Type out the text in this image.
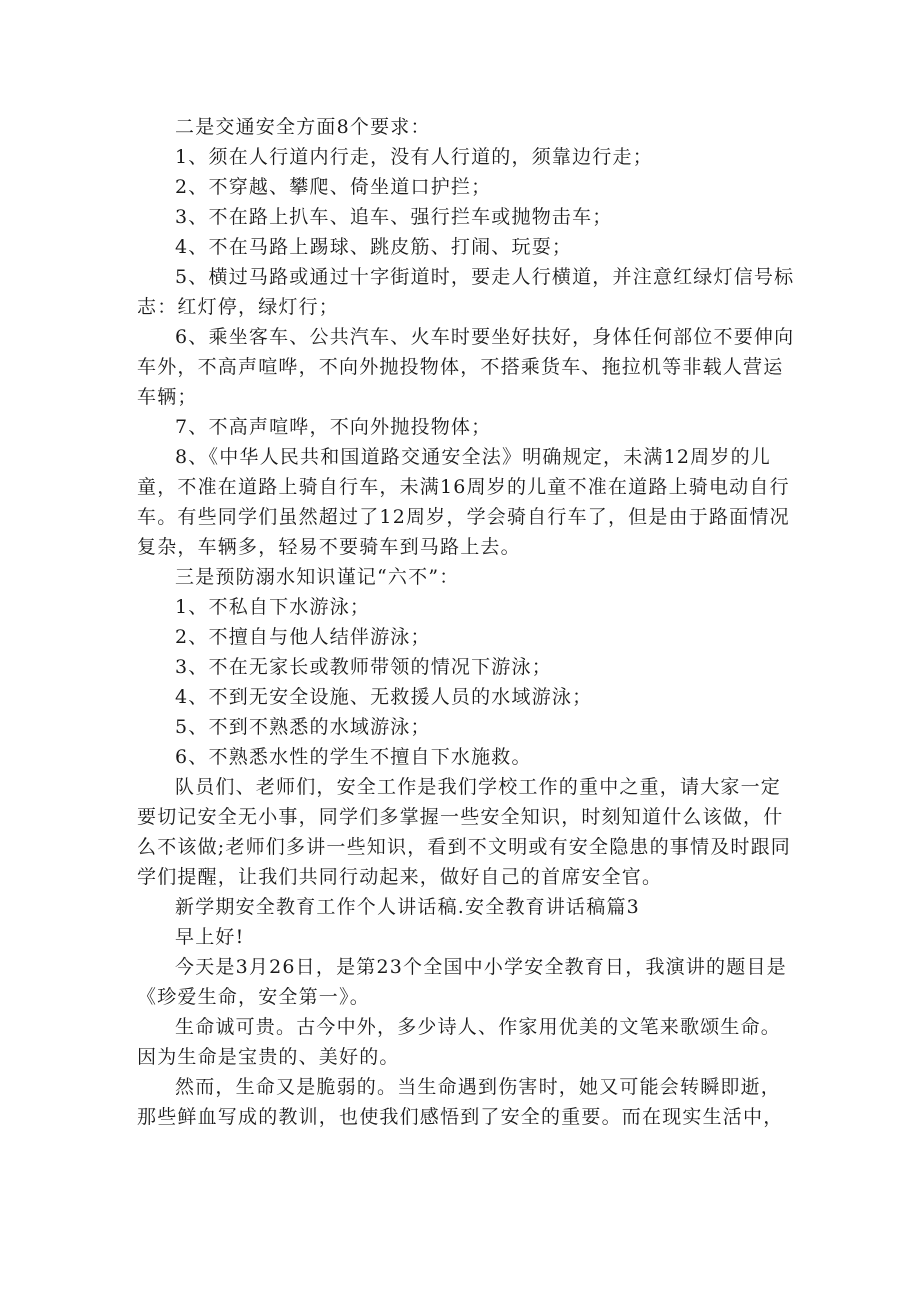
二是交通安全方面8个要求：

1、须在人行道内行走，没有人行道的，须靠边行走；

2、不穿越、攀爬、倚坐道口护拦；

3、不在路上扒车、追车、强行拦车或抛物击车；

4、不在马路上踢球、跳皮筋、打闹、玩耍；

5、横过马路或通过十字街道时，要走人行横道，并注意红绿灯信号标志：红灯停，绿灯行；

6、乘坐客车、公共汽车、火车时要坐好扶好，身体任何部位不要伸向车外，不高声喧哗，不向外抛投物体，不搭乘货车、拖拉机等非载人营运车辆；

7、不高声喧哗，不向外抛投物体；

8、《中华人民共和国道路交通安全法》明确规定，未满12周岁的儿童，不准在道路上骑自行车，未满16周岁的儿童不准在道路上骑电动自行车。有些同学们虽然超过了12周岁，学会骑自行车了，但是由于路面情况复杂，车辆多，轻易不要骑车到马路上去。

三是预防溺水知识谨记“六不”：

1、不私自下水游泳；

2、不擅自与他人结伴游泳；

3、不在无家长或教师带领的情况下游泳；

4、不到无安全设施、无救援人员的水域游泳；

5、不到不熟悉的水域游泳；

6、不熟悉水性的学生不擅自下水施救。

队员们、老师们，安全工作是我们学校工作的重中之重，请大家一定要切记安全无小事，同学们多掌握一些安全知识，时刻知道什么该做，什么不该做;老师们多讲一些知识，看到不文明或有安全隐患的事情及时跟同学们提醒，让我们共同行动起来，做好自己的首席安全官。

新学期安全教育工作个人讲话稿.安全教育讲话稿篇3

早上好!

今天是3月26日，是第23个全国中小学安全教育日，我演讲的题目是《珍爱生命，安全第一》。

生命诚可贵。古今中外，多少诗人、作家用优美的文笔来歌颂生命。因为生命是宝贵的、美好的。

然而，生命又是脆弱的。当生命遇到伤害时，她又可能会转瞬即逝，那些鲜血写成的教训，也使我们感悟到了安全的重要。而在现实生活中，
